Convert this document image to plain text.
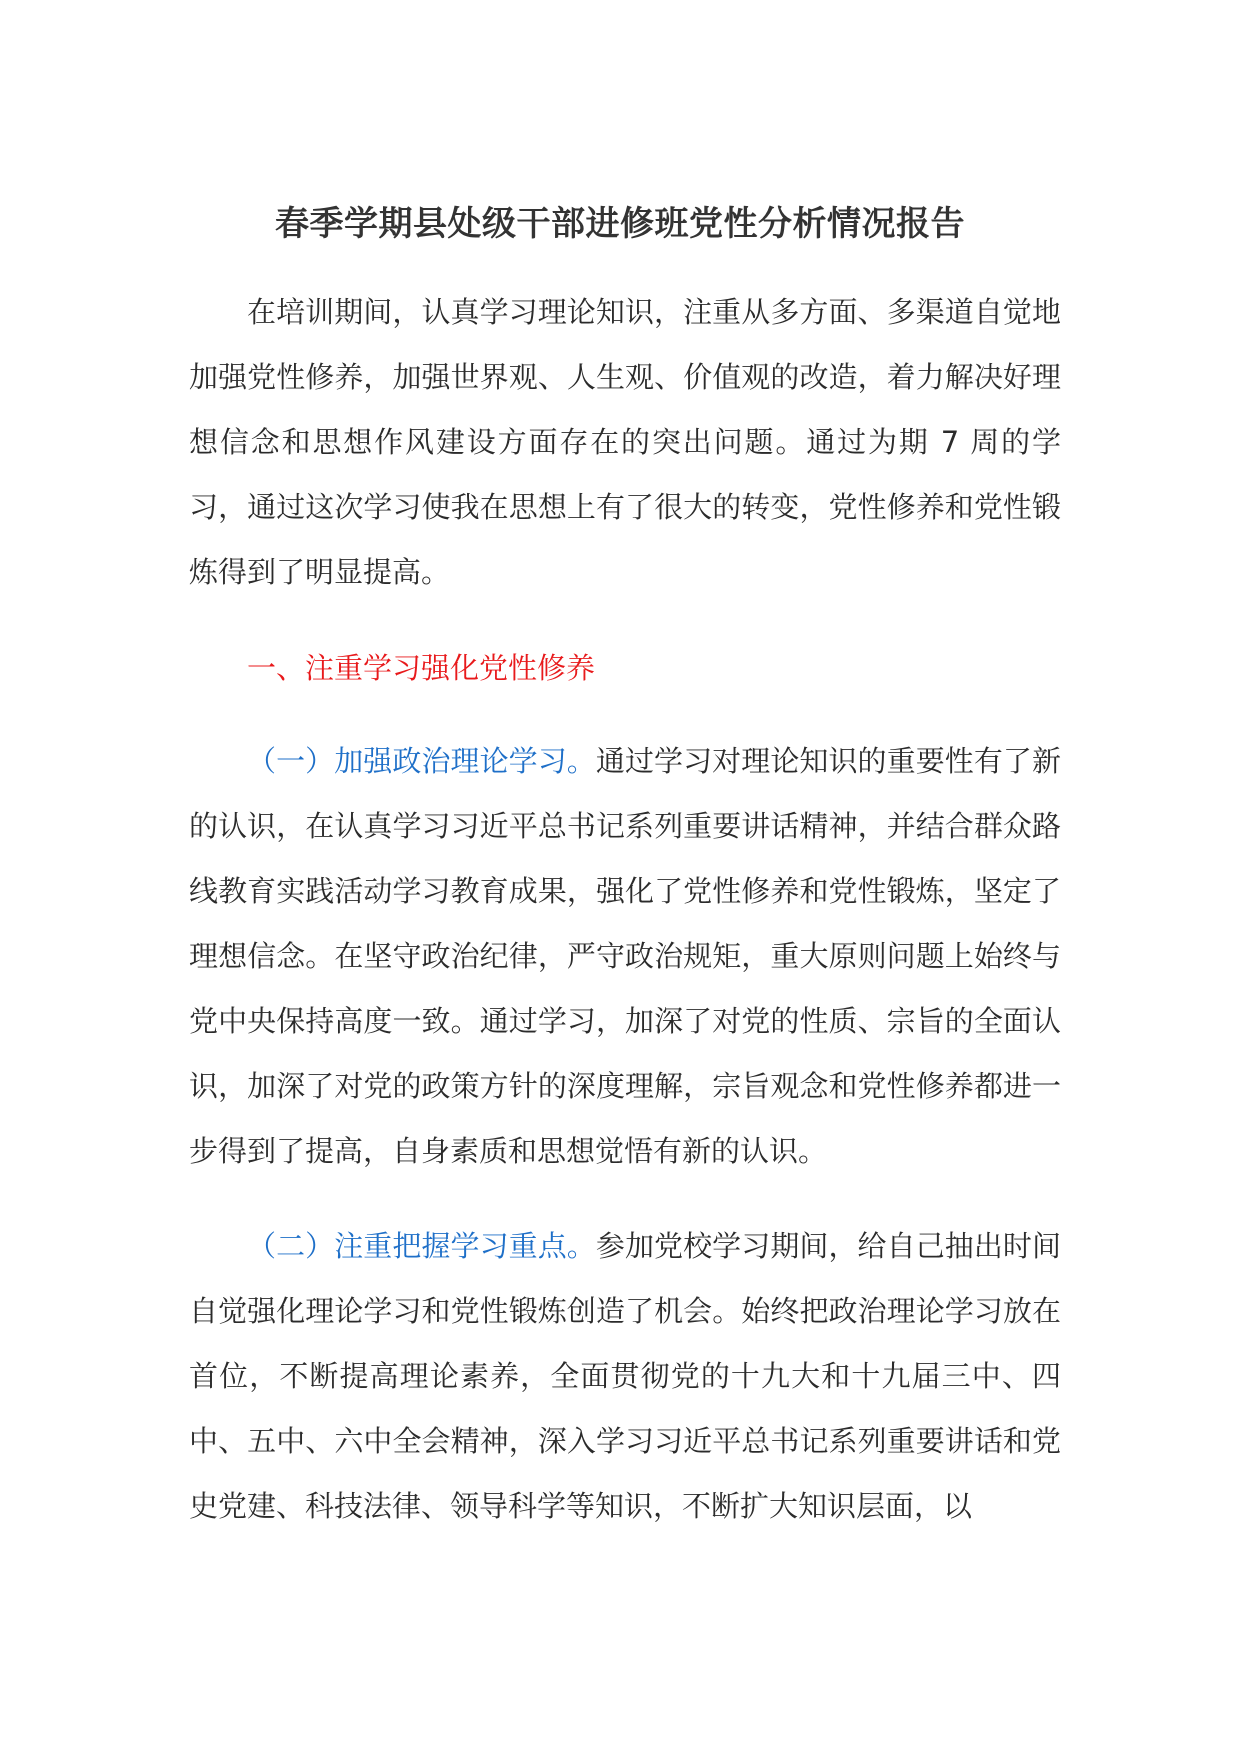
春季学期县处级干部进修班党性分析情况报告

在培训期间，认真学习理论知识，注重从多方面、多渠道自觉地加强党性修养，加强世界观、人生观、价值观的改造，着力解决好理想信念和思想作风建设方面存在的突出问题。通过为期 7 周的学习，通过这次学习使我在思想上有了很大的转变，党性修养和党性锻炼得到了明显提高。

一、注重学习强化党性修养

（一）加强政治理论学习。通过学习对理论知识的重要性有了新的认识，在认真学习习近平总书记系列重要讲话精神，并结合群众路线教育实践活动学习教育成果，强化了党性修养和党性锻炼，坚定了理想信念。在坚守政治纪律，严守政治规矩，重大原则问题上始终与党中央保持高度一致。通过学习，加深了对党的性质、宗旨的全面认识，加深了对党的政策方针的深度理解，宗旨观念和党性修养都进一步得到了提高，自身素质和思想觉悟有新的认识。

（二）注重把握学习重点。参加党校学习期间，给自己抽出时间自觉强化理论学习和党性锻炼创造了机会。始终把政治理论学习放在首位，不断提高理论素养，全面贯彻党的十九大和十九届三中、四中、五中、六中全会精神，深入学习习近平总书记系列重要讲话和党史党建、科技法律、领导科学等知识，不断扩大知识层面，以
